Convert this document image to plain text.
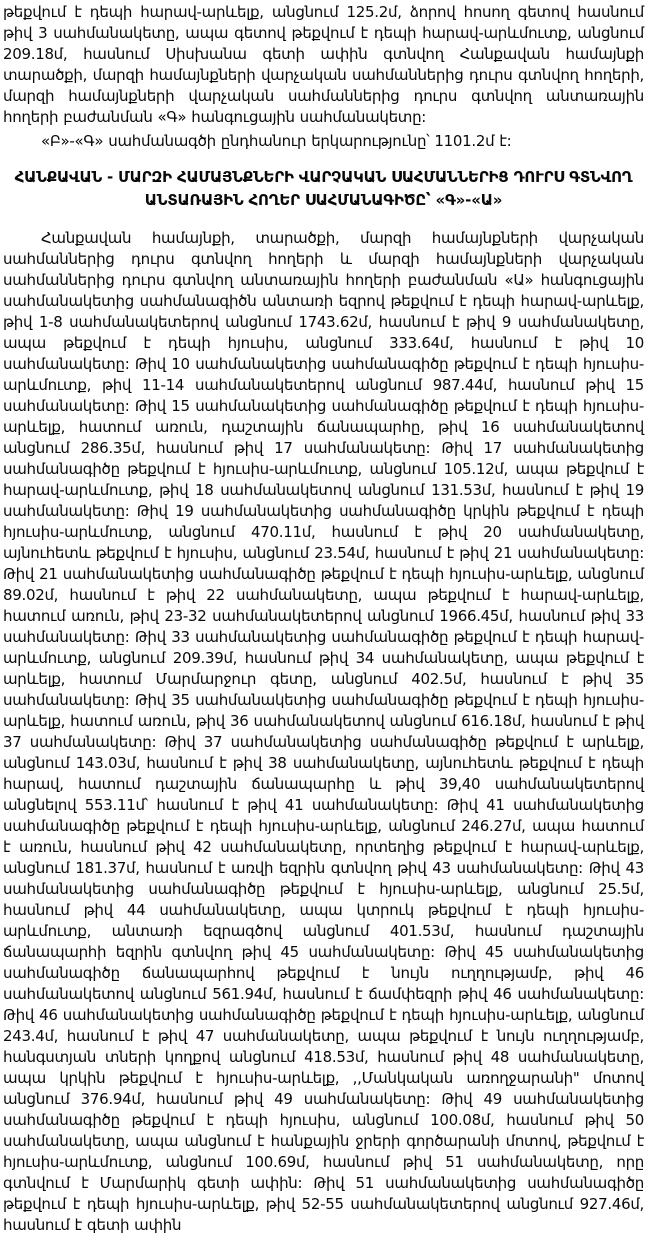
թեքվում է դեպի հարավ-արևելք, անցնում 125.2մ, ձորով հոսող գետով հասնում թիվ 3 սահմանակետը, ապա գետով թեքվում է դեպի հարավ-արևմուտք, անցնում 209.18մ, հասնում Սիսխանա գետի ափին գտնվող Հանքավան համայնքի տարածքի, մարզի համայնքների վարչական սահմաններից դուրս գտնվող հողերի, մարզի համայնքների վարչական սահմաններից դուրս գտնվող անտառային հողերի բաժանման «Գ» հանգուցային սահմանակետը:

«Բ»-«Գ» սահմանագծի ընդհանուր երկարությունը՝ 1101.2մ է:

ՀԱՆՔԱՎԱՆ - ՄԱՐԶԻ ՀԱՄԱՅՆՔՆԵՐԻ ՎԱՐՉԱԿԱՆ ՍԱՀՄԱՆՆԵՐԻՑ ԴՈՒՐՍ ԳՏՆՎՈՂ
ԱՆՏԱՌԱՅԻՆ ՀՈՂԵՐ ՍԱՀՄԱՆԱԳԻԾԸ՝ «Գ»-«Ա»

Հանքավան համայնքի, տարածքի, մարզի համայնքների վարչական սահմաններից դուրս գտնվող հողերի և մարզի համայնքների վարչական սահմաններից դուրս գտնվող անտառային հողերի բաժանման «Ա» հանգուցային սահմանակետից սահմանագիծն անտառի եզրով թեքվում է դեպի հարավ-արևելք, թիվ 1-8 սահմանակետերով անցնում 1743.62մ, հասնում է թիվ 9 սահմանակետը, ապա թեքվում է դեպի հյուսիս, անցնում 333.64մ, հասնում է թիվ 10 սահմանակետը: Թիվ 10 սահմանակետից սահմանագիծը թեքվում է դեպի հյուսիս-արևմուտք, թիվ 11-14 սահմանակետերով անցնում 987.44մ, հասնում թիվ 15 սահմանակետը: Թիվ 15 սահմանակետից սահմանագիծը թեքվում է դեպի հյուսիս-արևելք, հատում առուն, դաշտային ճանապարհը, թիվ 16 սահմանակետով անցնում 286.35մ, հասնում թիվ 17 սահմանակետը: Թիվ 17 սահմանակետից սահմանագիծը թեքվում է հյուսիս-արևմուտք, անցնում 105.12մ, ապա թեքվում է հարավ-արևմուտք, թիվ 18 սահմանակետով անցնում 131.53մ, հասնում է թիվ 19 սահմանակետը: Թիվ 19 սահմանակետից սահմանագիծը կրկին թեքվում է դեպի հյուսիս-արևմուտք, անցնում 470.11մ, հասնում է թիվ 20 սահմանակետը, այնուհետև թեքվում է հյուսիս, անցնում 23.54մ, հասնում է թիվ 21 սահմանակետը: Թիվ 21 սահմանակետից սահմանագիծը թեքվում է դեպի հյուսիս-արևելք, անցնում 89.02մ, հասնում է թիվ 22 սահմանակետը, ապա թեքվում է հարավ-արևելք, հատում առուն, թիվ 23-32 սահմանակետերով անցնում 1966.45մ, հասնում թիվ 33 սահմանակետը: Թիվ 33 սահմանակետից սահմանագիծը թեքվում է դեպի հարավ-արևմուտք, անցնում 209.39մ, հասնում թիվ 34 սահմանակետը, ապա թեքվում է արևելք, հատում Մարմարջուր գետը, անցնում 402.5մ, հասնում է թիվ 35 սահմանակետը: Թիվ 35 սահմանակետից սահմանագիծը թեքվում է դեպի հյուսիս-արևելք, հատում առուն, թիվ 36 սահմանակետով անցնում 616.18մ, հասնում է թիվ 37 սահմանակետը: Թիվ 37 սահմանակետից սահմանագիծը թեքվում է արևելք, անցնում 143.03մ, հասնում է թիվ 38 սահմանակետը, այնուհետև թեքվում է դեպի հարավ, հատում դաշտային ճանապարհը և թիվ 39,40 սահմանակետերով անցնելով 553.11մ՝ հասնում է թիվ 41 սահմանակետը: Թիվ 41 սահմանակետից սահմանագիծը թեքվում է դեպի հյուսիս-արևելք, անցնում 246.27մ, ապա հատում է առուն, հասնում թիվ 42 սահմանակետը, որտեղից թեքվում է հարավ-արևելք, անցնում 181.37մ, հասնում է առվի եզրին գտնվող թիվ 43 սահմանակետը: Թիվ 43 սահմանակետից սահմանագիծը թեքվում է հյուսիս-արևելք, անցնում 25.5մ, հասնում թիվ 44 սահմանակետը, ապա կտրուկ թեքվում է դեպի հյուսիս-արևմուտք, անտառի եզրագծով անցնում 401.53մ, հասնում դաշտային ճանապարհի եզրին գտնվող թիվ 45 սահմանակետը: Թիվ 45 սահմանակետից սահմանագիծը ճանապարհով թեքվում է նույն ուղղությամբ, թիվ 46 սահմանակետով անցնում 561.94մ, հասնում է ճամփեզրի թիվ 46 սահմանակետը: Թիվ 46 սահմանակետից սահմանագիծը թեքվում է դեպի հյուսիս-արևելք, անցնում 243.4մ, հասնում է թիվ 47 սահմանակետը, ապա թեքվում է նույն ուղղությամբ, հանգստյան տների կողքով անցնում 418.53մ, հասնում թիվ 48 սահմանակետը, ապա կրկին թեքվում է հյուսիս-արևելք, ,,Մանկական առողջարանի" մոտով անցնում 376.94մ, հասնում թիվ 49 սահմանակետը: Թիվ 49 սահմանակետից սահմանագիծը թեքվում է դեպի հյուսիս, անցնում 100.08մ, հասնում թիվ 50 սահմանակետը, ապա անցնում է հանքային ջրերի գործարանի մոտով, թեքվում է հյուսիս-արևմուտք, անցնում 100.69մ, հասնում թիվ 51 սահմանակետը, որը գտնվում է Մարմարիկ գետի ափին: Թիվ 51 սահմանակետից սահմանագիծը թեքվում է դեպի հյուսիս-արևելք, թիվ 52-55 սահմանակետերով անցնում 927.46մ, հասնում է գետի ափին
